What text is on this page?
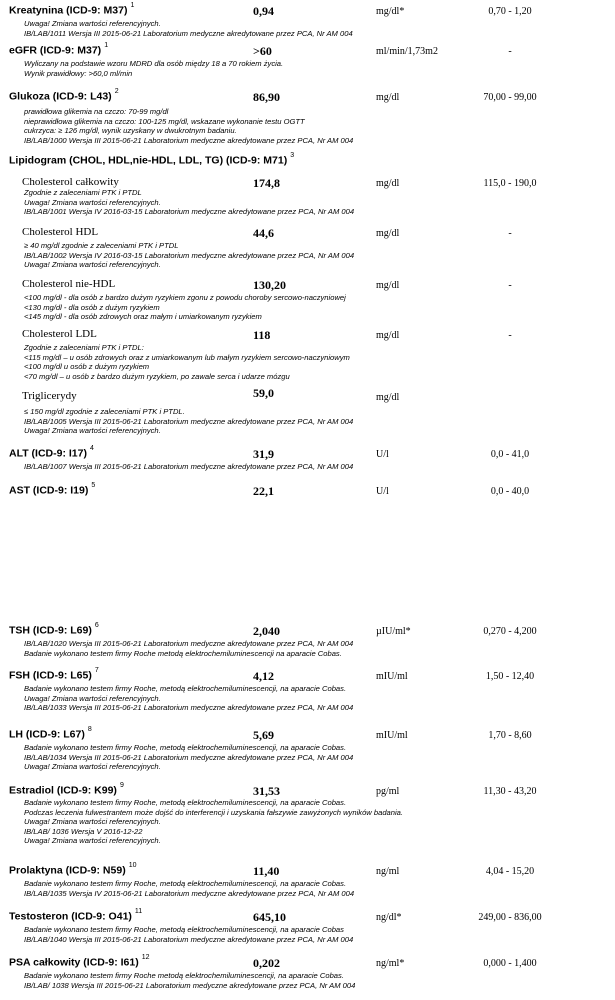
Lipidogram (CHOL, HDL,nie-HDL, LDL, TG) (ICD-9: M71) $^3$
Kreatynina (ICD-9: M37) $^1$	0,94	mg/dl*	0,70 - 1,20
Uwaga! Zmiana wartości referencyjnych.
IB/LAB/1011 Wersja III 2015-06-21 Laboratorium medyczne akredytowane przez PCA, Nr AM 004
eGFR (ICD-9: M37) $^1$	>60	ml/min/1,73m2	-
Wyliczany na podstawie wzoru MDRD dla osób między 18 a 70 rokiem życia.
Wynik prawidłowy: >60,0 ml/min
Glukoza (ICD-9: L43) $^2$	86,90	mg/dl	70,00 - 99,00
prawidłowa glikemia na czczo: 70-99 mg/dl
nieprawidłowa glikemia na czczo: 100-125 mg/dl, wskazane wykonanie testu OGTT
cukrzyca: ≥ 126 mg/dl, wynik uzyskany w dwukrotnym badaniu.
IB/LAB/1000 Wersja III 2015-06-21 Laboratorium medyczne akredytowane przez PCA, Nr AM 004
Cholesterol całkowity	174,8	mg/dl	115,0 - 190,0
Zgodnie z zaleceniami PTK i PTDL
Uwaga! Zmiana wartości referencyjnych.
IB/LAB/1001 Wersja IV 2016-03-15 Laboratorium medyczne akredytowane przez PCA, Nr AM 004
Cholesterol HDL	44,6	mg/dl	-
≥ 40 mg/dl zgodnie z zaleceniami PTK i PTDL
IB/LAB/1002 Wersja IV 2016-03-15 Laboratorium medyczne akredytowane przez PCA, Nr AM 004
Uwaga! Zmiana wartości referencyjnych.
Cholesterol nie-HDL	130,20	mg/dl	-
<100 mg/dl - dla osób z bardzo dużym ryzykiem zgonu z powodu choroby sercowo-naczyniowej
<130 mg/dl - dla osób z dużym ryzykiem
<145 mg/dl - dla osób zdrowych oraz małym i umiarkowanym ryzykiem
Cholesterol LDL	118	mg/dl	-
Zgodnie z zaleceniami PTK i PTDL:
<115 mg/dl – u osób zdrowych oraz z umiarkowanym lub małym ryzykiem sercowo-naczyniowym
<100 mg/dl u osób z dużym ryzykiem
<70 mg/dl – u osób z bardzo dużym ryzykiem, po zawale serca i udarze mózgu
Triglicerydy	59,0	mg/dl
≤ 150 mg/dl zgodnie z zaleceniami PTK i PTDL.
IB/LAB/1005 Wersja III 2015-06-21 Laboratorium medyczne akredytowane przez PCA, Nr AM 004
Uwaga! Zmiana wartości referencyjnych.
ALT (ICD-9: I17) $^4$	31,9	U/l	0,0 - 41,0
IB/LAB/1007 Wersja III 2015-06-21 Laboratorium medyczne akredytowane przez PCA, Nr AM 004
AST (ICD-9: I19) $^5$	22,1	U/l	0,0 - 40,0
TSH (ICD-9: L69) $^6$	2,040	µIU/ml*	0,270 - 4,200
IB/LAB/1020 Wersja III 2015-06-21 Laboratorium medyczne akredytowane przez PCA, Nr AM 004
Badanie wykonano testem firmy Roche metodą elektrochemiluminescencji na aparacie Cobas.
FSH (ICD-9: L65) $^7$	4,12	mIU/ml	1,50 - 12,40
Badanie wykonano testem firmy Roche, metodą elektrochemiluminescencji, na aparacie Cobas.
Uwaga! Zmiana wartości referencyjnych.
IB/LAB/1033 Wersja III 2015-06-21 Laboratorium medyczne akredytowane przez PCA, Nr AM 004
LH (ICD-9: L67) $^8$	5,69	mIU/ml	1,70 - 8,60
Badanie wykonano testem firmy Roche, metodą elektrochemiluminescencji, na aparacie Cobas.
IB/LAB/1034 Wersja III 2015-06-21 Laboratorium medyczne akredytowane przez PCA, Nr AM 004
Uwaga! Zmiana wartości referencyjnych.
Estradiol (ICD-9: K99) $^9$	31,53	pg/ml	11,30 - 43,20
Badanie wykonano testem firmy Roche, metodą elektrochemiluminescencji, na aparacie Cobas.
Podczas leczenia fulwestrantem może dojść do interferencji i uzyskania fałszywie zawyżonych wyników badania.
Uwaga! Zmiana wartości referencyjnych.
IB/LAB/ 1036 Wersja V 2016-12-22
Uwaga! Zmiana wartości referencyjnych.
Prolaktyna (ICD-9: N59) $^{10}$	11,40	ng/ml	4,04 - 15,20
Badanie wykonano testem firmy Roche, metodą elektrochemiluminescencji, na aparacie Cobas.
IB/LAB/1035 Wersja IV 2015-06-21 Laboratorium medyczne akredytowane przez PCA, Nr AM 004
Testosteron (ICD-9: O41) $^{11}$	645,10	ng/dl*	249,00 - 836,00
Badanie wykonano testem firmy Roche, metodą elektrochemiluminescencji, na aparacie Cobas
IB/LAB/1040 Wersja III 2015-06-21 Laboratorium medyczne akredytowane przez PCA, Nr AM 004
PSA całkowity (ICD-9: I61) $^{12}$	0,202	ng/ml*	0,000 - 1,400
Badanie wykonano testem firmy Roche metodą elektrochemiluminescencji, na aparacie Cobas.
IB/LAB/ 1038 Wersja III 2015-06-21 Laboratorium medyczne akredytowane przez PCA, Nr AM 004
